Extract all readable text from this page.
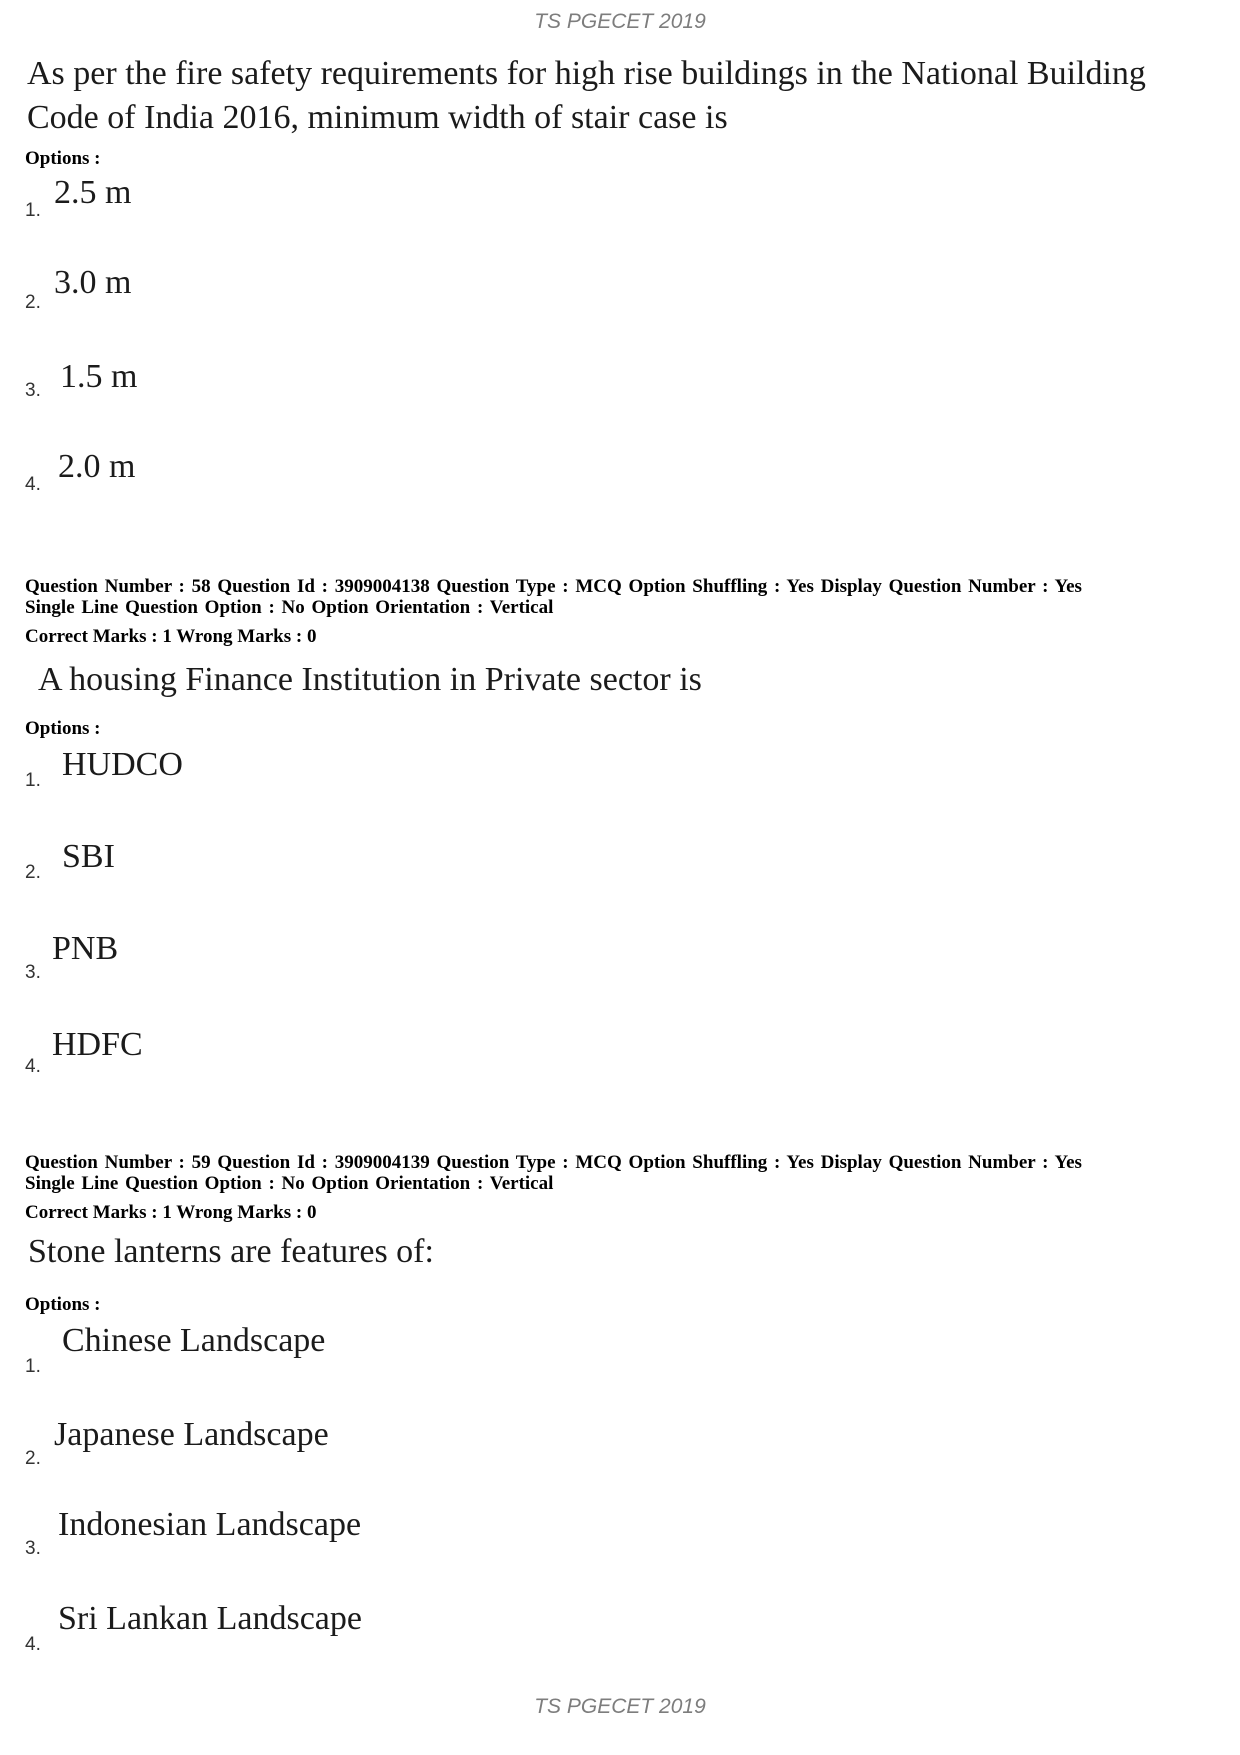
TS PGECET 2019
As per the fire safety requirements for high rise buildings in the National Building Code of India 2016, minimum width of stair case is
Options :
1. 2.5 m
2.
3.0 m
3. 1.5 m
4. 2.0 m
Question Number : 58 Question Id : 3909004138 Question Type : MCQ Option Shuffling : Yes Display Question Number : Yes
Single Line Question Option : No Option Orientation : Vertical
Correct Marks : 1 Wrong Marks : 0
A housing Finance Institution in Private sector is
Options :
1. HUDCO
2. SBI
3.
PNB
4.
HDFC
Question Number : 59 Question Id : 3909004139 Question Type : MCQ Option Shuffling : Yes Display Question Number : Yes
Single Line Question Option : No Option Orientation : Vertical
Correct Marks : 1 Wrong Marks : 0
Stone lanterns are features of:
Options :
1.
Chinese Landscape
2.
Japanese Landscape
3.
Indonesian Landscape
4.
Sri Lankan Landscape
TS PGECET 2019
